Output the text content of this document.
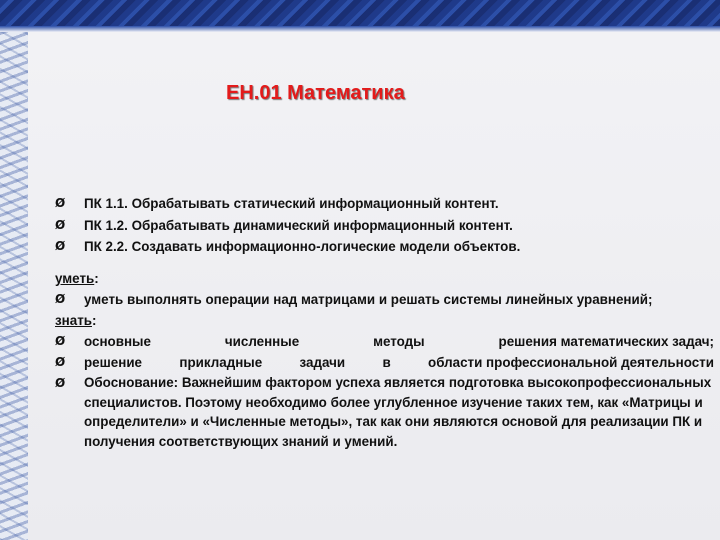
ЕН.01 Математика
Ø	ПК 1.1. Обрабатывать статический информационный контент.
Ø	ПК 1.2. Обрабатывать динамический информационный контент.
Ø	ПК 2.2. Создавать информационно-логические модели объектов.
уметь:
Ø	уметь выполнять операции над матрицами и решать системы линейных уравнений;
знать:
Ø	основные	численные	методы	решения математических задач;
Ø	решение	прикладные	задачи	в	области профессиональной деятельности
Ø	Обоснование: Важнейшим фактором успеха является подготовка высокопрофессиональных специалистов. Поэтому необходимо более углубленное изучение таких тем, как «Матрицы и определители» и «Численные методы», так как они являются основой для реализации ПК и получения соответствующих знаний и умений.
